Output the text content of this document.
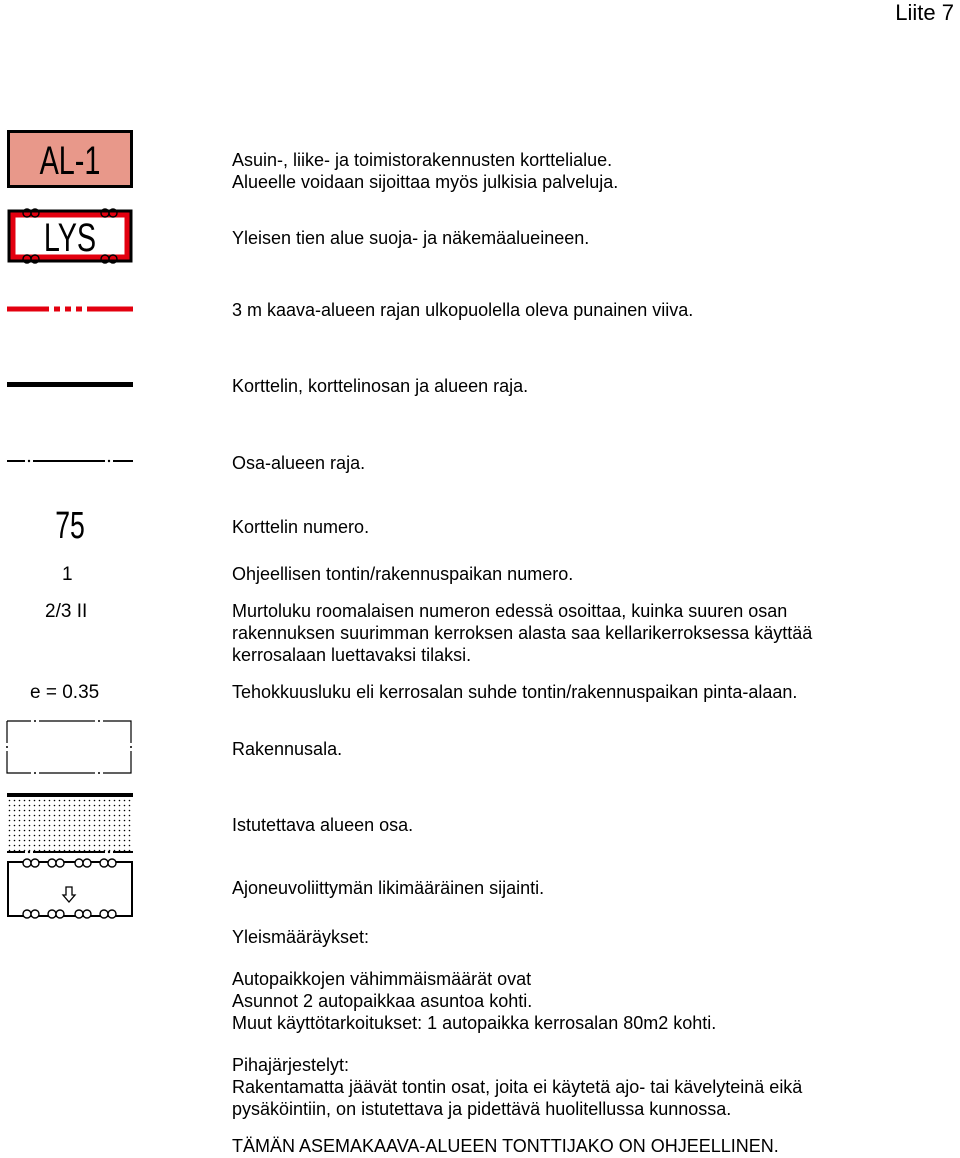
Liite 7
AL-1	Asuin-, liike- ja toimistorakennusten korttelialue.
Alueelle voidaan sijoittaa myös julkisia palveluja.
LYS	Yleisen tien alue suoja- ja näkemäalueineen.
3 m kaava-alueen rajan ulkopuolella oleva punainen viiva.
Korttelin, korttelinosan ja alueen raja.
Osa-alueen raja.
75	Korttelin numero.
1	Ohjeellisen tontin/rakennuspaikan numero.
2/3 II	Murtoluku roomalaisen numeron edessä osoittaa, kuinka suuren osan
rakennuksen suurimman kerroksen alasta saa kellarikerroksessa käyttää
kerrosalaan luettavaksi tilaksi.
e = 0.35	Tehokkuusluku eli kerrosalan suhde tontin/rakennuspaikan pinta-alaan.
Rakennusala.
Istutettava alueen osa.
Ajoneuvoliittymän likimääräinen sijainti.
Yleismääräykset:
Autopaikkojen vähimmäismäärät ovat
Asunnot 2 autopaikkaa asuntoa kohti.
Muut käyttötarkoitukset: 1 autopaikka kerrosalan 80m2 kohti.
Pihajärjestelyt:
Rakentamatta jäävät tontin osat, joita ei käytetä ajo- tai kävelyteinä eikä
pysäköintiin, on istutettava ja pidettävä huolitellussa kunnossa.
TÄMÄN ASEMAKAAVA-ALUEEN TONTTIJAKO ON OHJEELLINEN.
